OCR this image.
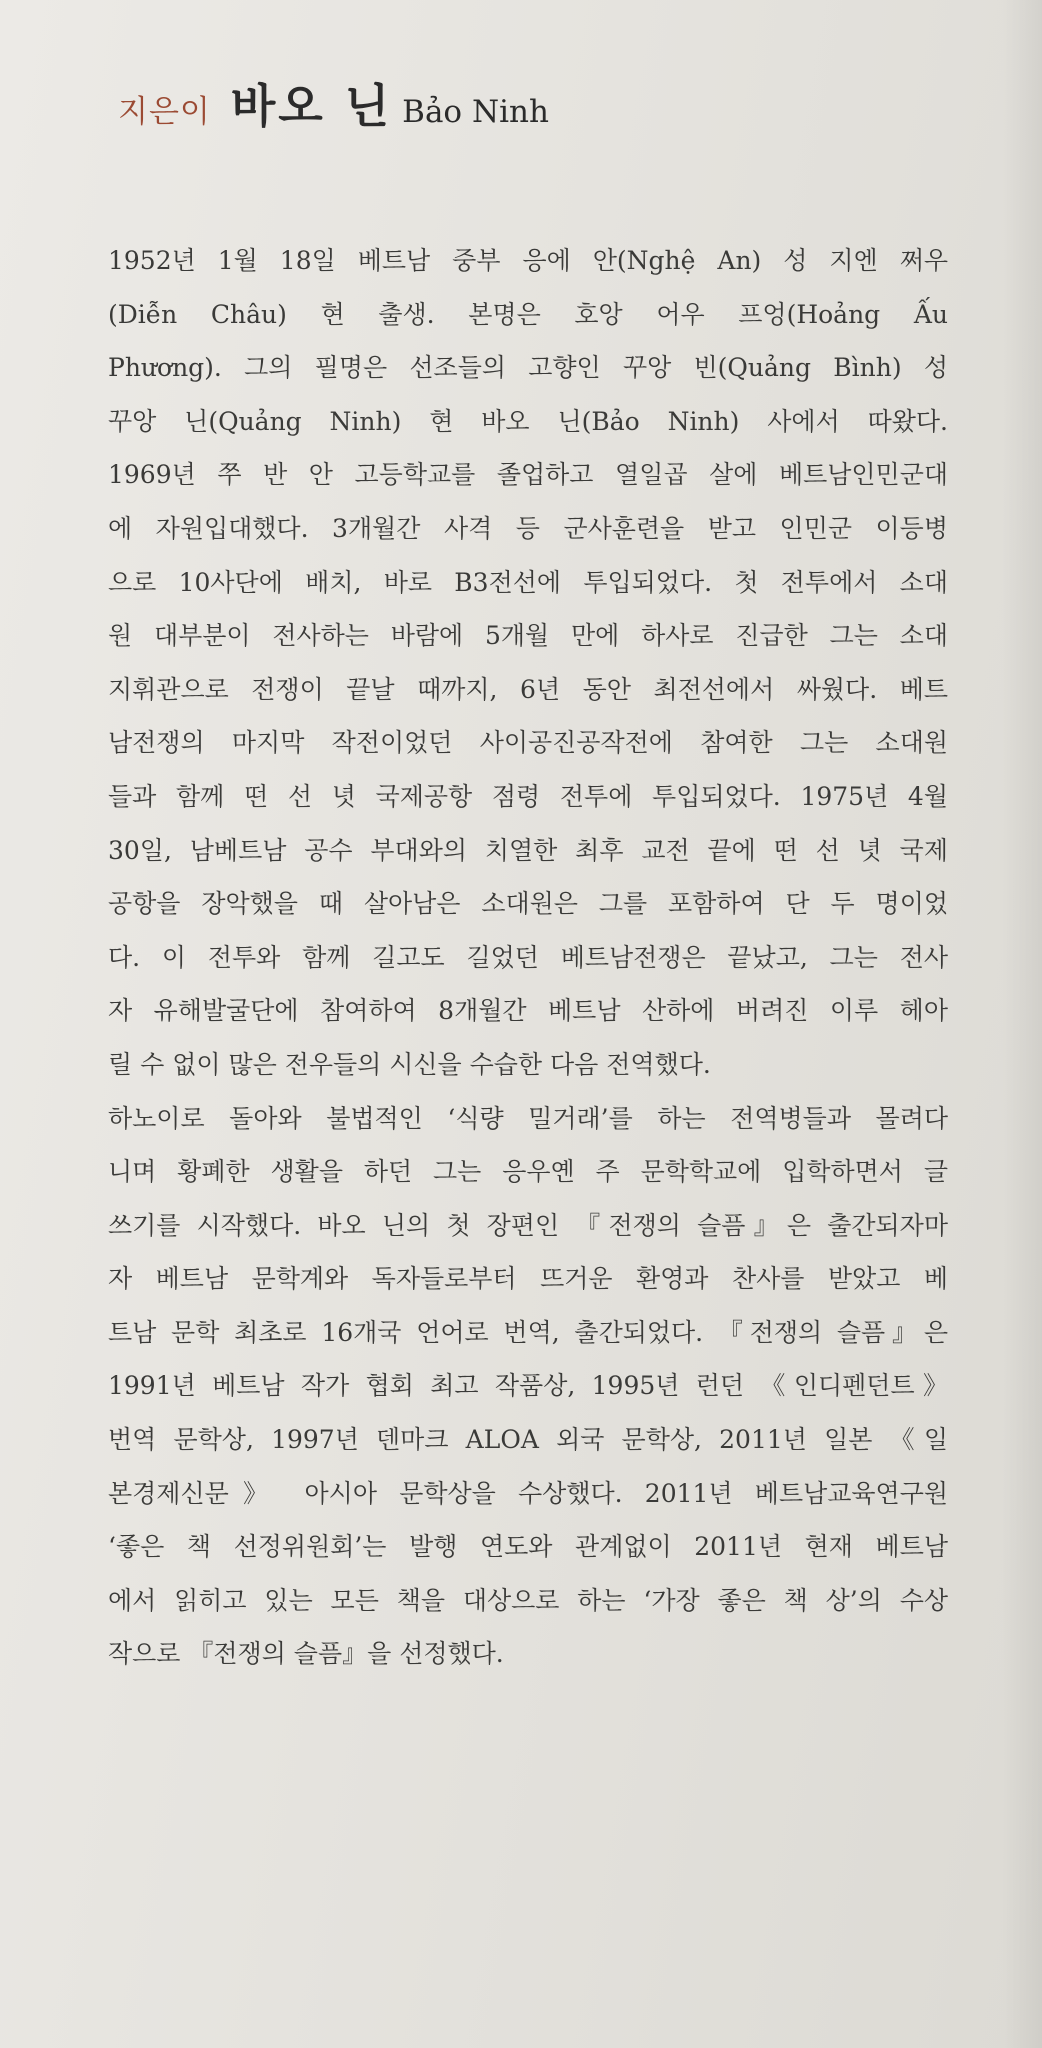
지은이 바오 닌 Bảo Ninh
1952년 1월 18일 베트남 중부 응에 안(Nghệ An) 성 지엔 쩌우
(Diễn Châu) 현 출생. 본명은 호앙 어우 프엉(Hoảng Ấu
Phương). 그의 필명은 선조들의 고향인 꾸앙 빈(Quảng Bình) 성
꾸앙 닌(Quảng Ninh) 현 바오 닌(Bảo Ninh) 사에서 따왔다.
1969년 쭈 반 안 고등학교를 졸업하고 열일곱 살에 베트남인민군대
에 자원입대했다. 3개월간 사격 등 군사훈련을 받고 인민군 이등병
으로 10사단에 배치, 바로 B3전선에 투입되었다. 첫 전투에서 소대
원 대부분이 전사하는 바람에 5개월 만에 하사로 진급한 그는 소대
지휘관으로 전쟁이 끝날 때까지, 6년 동안 최전선에서 싸웠다. 베트
남전쟁의 마지막 작전이었던 사이공진공작전에 참여한 그는 소대원
들과 함께 떤 선 녓 국제공항 점령 전투에 투입되었다. 1975년 4월
30일, 남베트남 공수 부대와의 치열한 최후 교전 끝에 떤 선 녓 국제
공항을 장악했을 때 살아남은 소대원은 그를 포함하여 단 두 명이었
다. 이 전투와 함께 길고도 길었던 베트남전쟁은 끝났고, 그는 전사
자 유해발굴단에 참여하여 8개월간 베트남 산하에 버려진 이루 헤아
릴 수 없이 많은 전우들의 시신을 수습한 다음 전역했다.
하노이로 돌아와 불법적인 ‘식량 밀거래’를 하는 전역병들과 몰려다
니며 황폐한 생활을 하던 그는 응우옌 주 문학학교에 입학하면서 글
쓰기를 시작했다. 바오 닌의 첫 장편인 『전쟁의 슬픔』은 출간되자마
자 베트남 문학계와 독자들로부터 뜨거운 환영과 찬사를 받았고 베
트남 문학 최초로 16개국 언어로 번역, 출간되었다. 『전쟁의 슬픔』은
1991년 베트남 작가 협회 최고 작품상, 1995년 런던 《인디펜던트》
번역 문학상, 1997년 덴마크 ALOA 외국 문학상, 2011년 일본 《일
본경제신문》 아시아 문학상을 수상했다. 2011년 베트남교육연구원
‘좋은 책 선정위원회’는 발행 연도와 관계없이 2011년 현재 베트남
에서 읽히고 있는 모든 책을 대상으로 하는 ‘가장 좋은 책 상’의 수상
작으로 『전쟁의 슬픔』을 선정했다.
